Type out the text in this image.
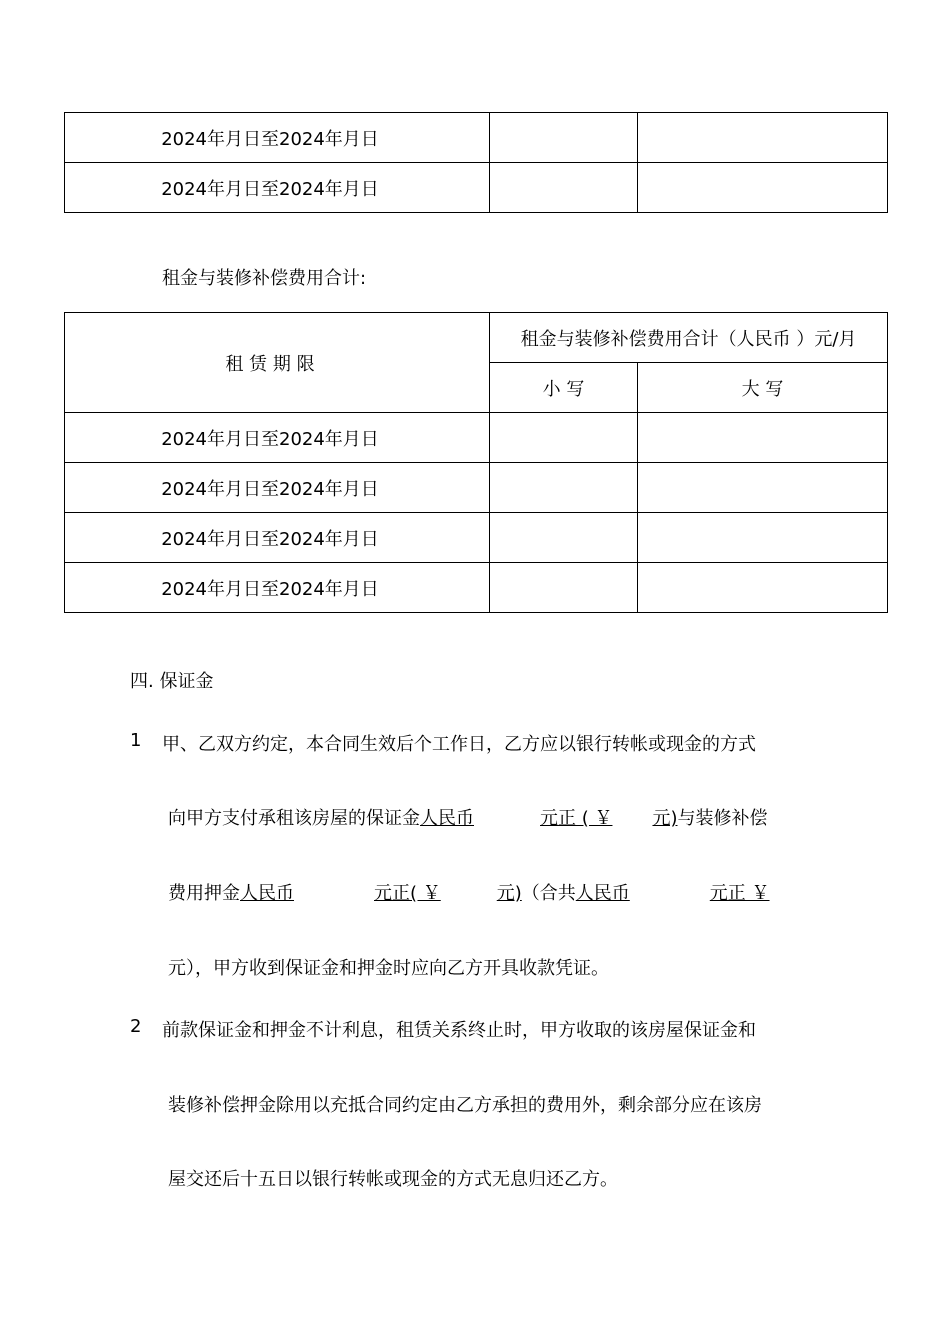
2024年月日至2024年月日		
2024年月日至2024年月日		
租金与装修补偿费用合计:
租 赁 期 限	租金与装修补偿费用合计（人民币 ）元/月	
	小 写	大 写
2024年月日至2024年月日		
2024年月日至2024年月日		
2024年月日至2024年月日		
2024年月日至2024年月日		
四. 保证金
1 甲、乙双方约定，本合同生效后个工作日，乙方应以银行转帐或现金的方式
向甲方支付承租该房屋的保证金人民币	元正 ( ￥ 元)与装修补偿
费用押金人民币	元正( ￥	元)（合共人民币	元正 ￥
元），甲方收到保证金和押金时应向乙方开具收款凭证。
2 前款保证金和押金不计利息，租赁关系终止时，甲方收取的该房屋保证金和
装修补偿押金除用以充抵合同约定由乙方承担的费用外，剩余部分应在该房
屋交还后十五日以银行转帐或现金的方式无息归还乙方。
